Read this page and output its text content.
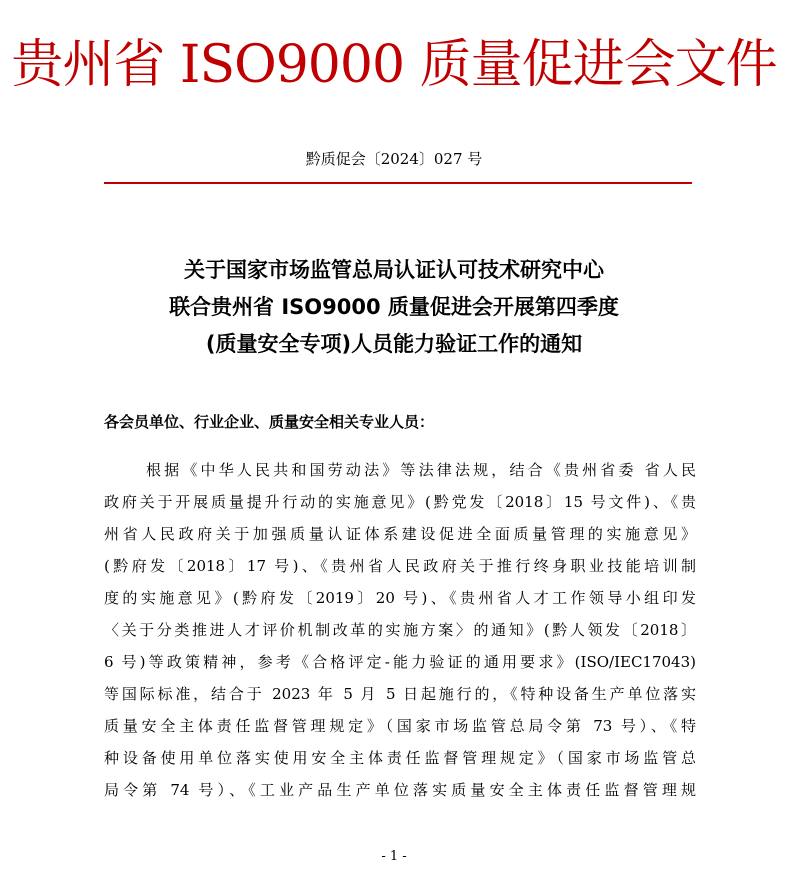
贵州省 ISO9000 质量促进会文件
黔质促会〔2024〕027 号
关于国家市场监管总局认证认可技术研究中心
联合贵州省 ISO9000 质量促进会开展第四季度
(质量安全专项)人员能力验证工作的通知
各会员单位、行业企业、质量安全相关专业人员：
根据《中华人民共和国劳动法》等法律法规，结合《贵州省委 省人民
政府关于开展质量提升行动的实施意见》(黔党发〔2018〕15 号文件)、《贵
州省人民政府关于加强质量认证体系建设促进全面质量管理的实施意见》
(黔府发〔2018〕17 号)、《贵州省人民政府关于推行终身职业技能培训制
度的实施意见》(黔府发〔2019〕20 号)、《贵州省人才工作领导小组印发
〈关于分类推进人才评价机制改革的实施方案〉的通知》(黔人领发〔2018〕
6 号)等政策精神，参考《合格评定-能力验证的通用要求》(ISO/IEC17043)
等国际标准，结合于 2023 年 5 月 5 日起施行的，《特种设备生产单位落实
质量安全主体责任监督管理规定》（国家市场监管总局令第 73 号）、《特
种设备使用单位落实使用安全主体责任监督管理规定》（国家市场监管总
局令第 74 号）、《工业产品生产单位落实质量安全主体责任监督管理规
- 1 -
